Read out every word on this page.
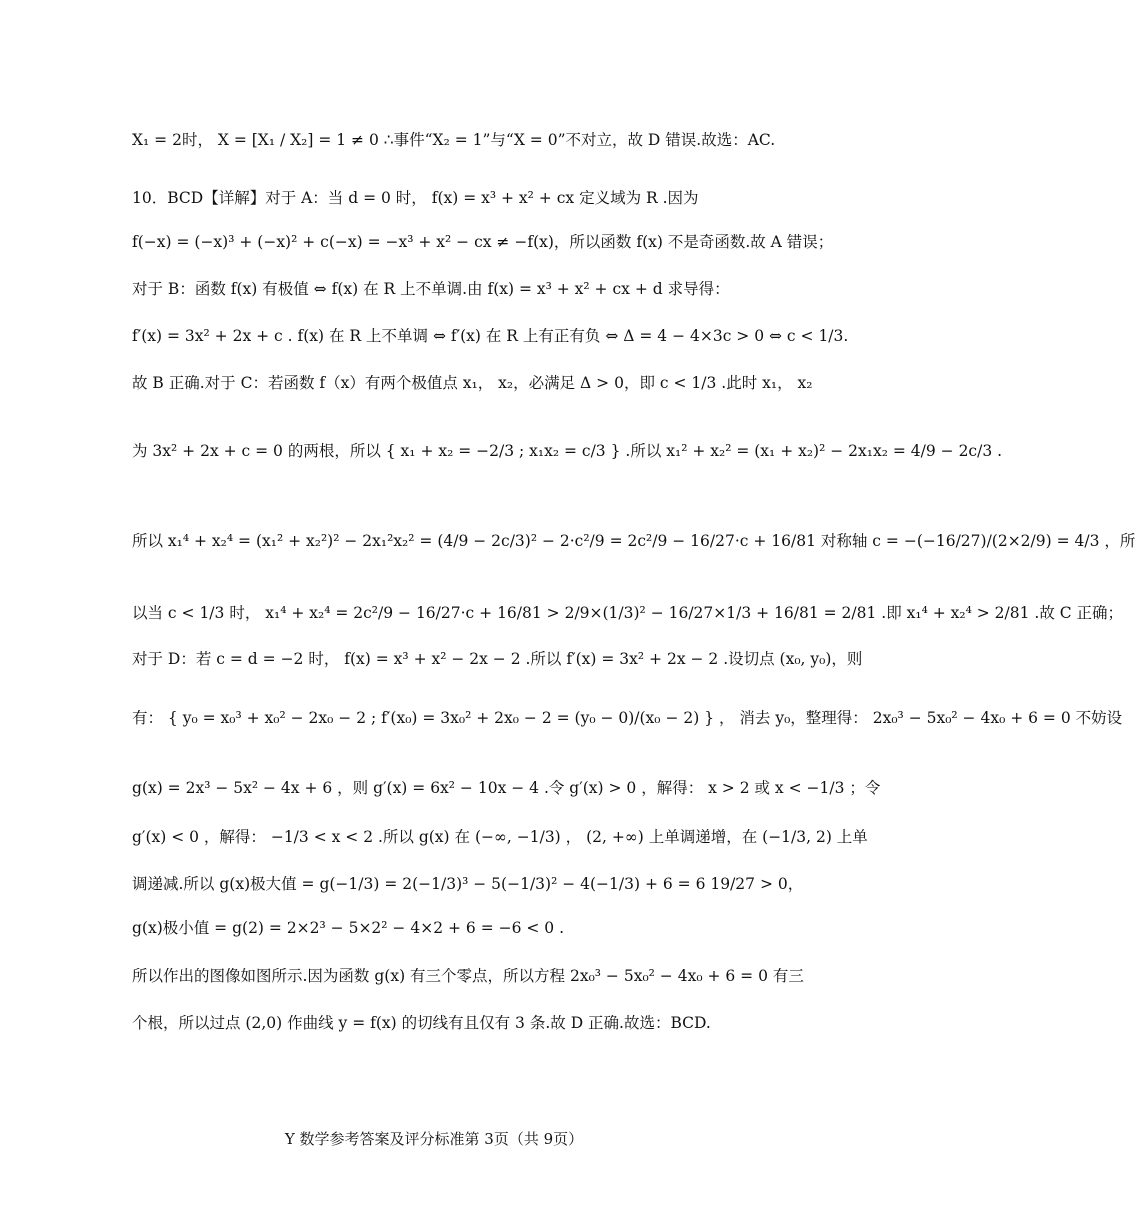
X₁ = 2时， X = [X₁ / X₂] = 1 ≠ 0 ∴事件“X₂ = 1”与“X = 0”不对立，故 D 错误.故选：AC.
10．BCD【详解】对于 A：当 d = 0 时， f(x) = x³ + x² + cx 定义域为 R .因为
f(−x) = (−x)³ + (−x)² + c(−x) = −x³ + x² − cx ≠ −f(x)，所以函数 f(x) 不是奇函数.故 A 错误；
对于 B：函数 f(x) 有极值 ⇔ f(x) 在 R 上不单调.由 f(x) = x³ + x² + cx + d 求导得：
f′(x) = 3x² + 2x + c . f(x) 在 R 上不单调 ⇔ f′(x) 在 R 上有正有负 ⇔ Δ = 4 − 4×3c > 0 ⇔ c < 1/3.
故 B 正确.对于 C：若函数 f（x）有两个极值点 x₁， x₂，必满足 Δ > 0，即 c < 1/3 .此时 x₁， x₂
为 3x² + 2x + c = 0 的两根，所以 { x₁ + x₂ = −2/3 ; x₁x₂ = c/3 } .所以 x₁² + x₂² = (x₁ + x₂)² − 2x₁x₂ = 4/9 − 2c/3 .
所以 x₁⁴ + x₂⁴ = (x₁² + x₂²)² − 2x₁²x₂² = (4/9 − 2c/3)² − 2·c²/9 = 2c²/9 − 16/27·c + 16/81 对称轴 c = −(−16/27)/(2×2/9) = 4/3 ，所
以当 c < 1/3 时， x₁⁴ + x₂⁴ = 2c²/9 − 16/27·c + 16/81 > 2/9×(1/3)² − 16/27×1/3 + 16/81 = 2/81 .即 x₁⁴ + x₂⁴ > 2/81 .故 C 正确；
对于 D：若 c = d = −2 时， f(x) = x³ + x² − 2x − 2 .所以 f′(x) = 3x² + 2x − 2 .设切点 (x₀, y₀)，则
有： { y₀ = x₀³ + x₀² − 2x₀ − 2 ; f′(x₀) = 3x₀² + 2x₀ − 2 = (y₀ − 0)/(x₀ − 2) } ， 消去 y₀，整理得： 2x₀³ − 5x₀² − 4x₀ + 6 = 0 不妨设
g(x) = 2x³ − 5x² − 4x + 6 ，则 g′(x) = 6x² − 10x − 4 .令 g′(x) > 0 ，解得： x > 2 或 x < −1/3 ；令
g′(x) < 0 ，解得： −1/3 < x < 2 .所以 g(x) 在 (−∞, −1/3) ， (2, +∞) 上单调递增，在 (−1/3, 2) 上单
调递减.所以 g(x)极大值 = g(−1/3) = 2(−1/3)³ − 5(−1/3)² − 4(−1/3) + 6 = 6 19/27 > 0，
g(x)极小值 = g(2) = 2×2³ − 5×2² − 4×2 + 6 = −6 < 0 .
所以作出的图像如图所示.因为函数 g(x) 有三个零点，所以方程 2x₀³ − 5x₀² − 4x₀ + 6 = 0 有三
个根，所以过点 (2,0) 作曲线 y = f(x) 的切线有且仅有 3 条.故 D 正确.故选：BCD.
Y 数学参考答案及评分标准第 3页（共 9页）
